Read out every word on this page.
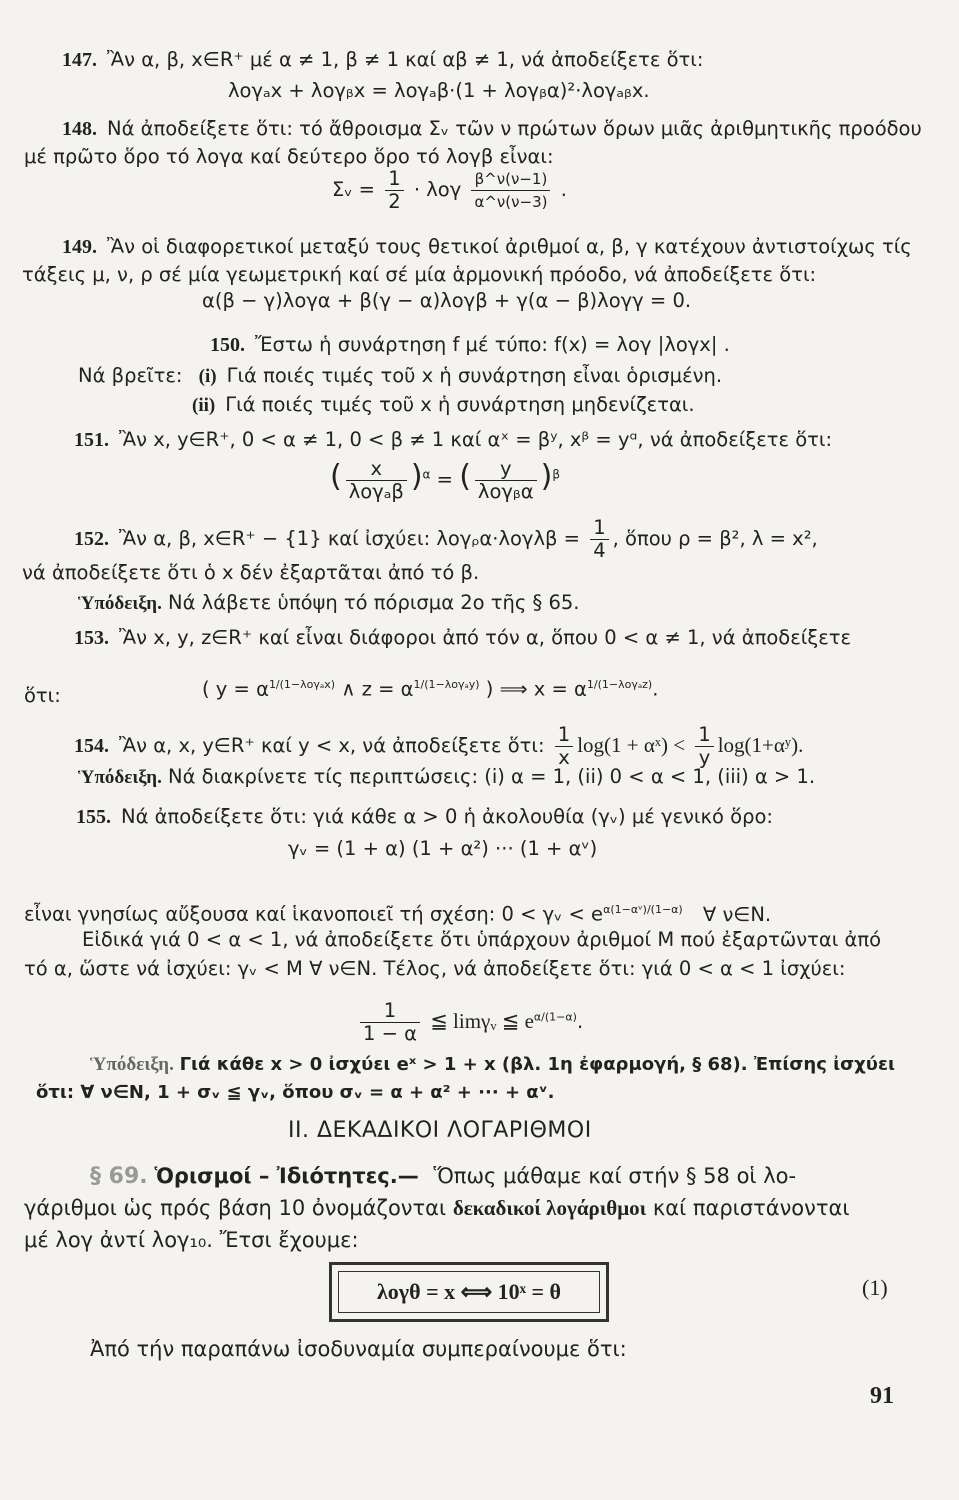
147. Ἂν α, β, x∈R⁺ μέ α ≠ 1, β ≠ 1 καί αβ ≠ 1, νά ἀποδείξετε ὅτι:
λογₐx + λογᵦx = λογₐβ·(1 + λογᵦα)²·λογₐᵦx.
148. Νά ἀποδείξετε ὅτι: τό ἄθροισμα Σᵥ τῶν ν πρώτων ὅρων μιᾶς ἀριθμητικῆς προόδου
μέ πρῶτο ὅρο τό λογα καί δεύτερο ὅρο τό λογβ εἶναι:
Σᵥ = $\frac{1}{2} \cdot \lambda o\gamma \frac{\beta\^{}\nu(\nu-1)}{\alpha\^{}\nu(\nu-3)}$ .
149. Ἂν οἱ διαφορετικοί μεταξύ τους θετικοί ἀριθμοί α, β, γ κατέχουν ἀντιστοίχως τίς
τάξεις μ, ν, ρ σέ μία γεωμετρική καί σέ μία ἁρμονική πρόοδο, νά ἀποδείξετε ὅτι:
α(β − γ)λογα + β(γ − α)λογβ + γ(α − β)λογγ = 0.
150. Ἔστω ἡ συνάρτηση f μέ τύπο: f(x) = λογ |λογx| .
Νά βρεῖτε: (i) Γιά ποιές τιμές τοῦ x ἡ συνάρτηση εἶναι ὁρισμένη.
(ii) Γιά ποιές τιμές τοῦ x ἡ συνάρτηση μηδενίζεται.
151. Ἂν x, y∈R⁺, 0 < α ≠ 1, 0 < β ≠ 1 καί αˣ = βʸ, xᵝ = yᵅ, νά ἀποδείξετε ὅτι:
( $\frac{x}{\text{λογₐβ}} )^\alpha$ = ( $\frac{y}{\text{λογᵦα}} )^\beta$
152. Ἂν α, β, x∈R⁺ − {1} καί ἰσχύει: λογᵨα·λογλβ = $\frac{1}{4}$ , ὅπου ρ = β², λ = x²,
νά ἀποδείξετε ὅτι ὁ x δέν ἐξαρτᾶται ἀπό τό β.
Ὑπόδειξη. Νά λάβετε ὑπόψη τό πόρισμα 2ο τῆς § 65.
153. Ἂν x, y, z∈R⁺ καί εἶναι διάφοροι ἀπό τόν α, ὅπου 0 < α ≠ 1, νά ἀποδείξετε
ὅτι:	( $y = \alpha^{1/(1-\lambda o\gamma_ax)}$ ∧ $z = \alpha^{1/(1-\lambda o\gamma_ay)}$ ) ⟹ $x = \alpha^{1/(1-\lambda o\gamma_az)}$.
154. Ἂν α, x, y∈R⁺ καί y < x, νά ἀποδείξετε ὅτι: $\frac{1}{x} \log(1$ + αˣ) < $\frac{1}{y}$ log(1+αʸ).
Ὑπόδειξη. Νά διακρίνετε τίς περιπτώσεις: (i) α = 1, (ii) 0 < α < 1, (iii) α > 1.
155. Νά ἀποδείξετε ὅτι: γιά κάθε α > 0 ἡ ἀκολουθία (γᵥ) μέ γενικό ὅρο:
γᵥ = (1 + α) (1 + α²) ··· (1 + αᵛ)
εἶναι γνησίως αὔξουσα καί ἱκανοποιεῖ τή σχέση: 0 < γᵥ < $e^{\alpha(1-\alpha ᵛ)/(1-\alpha)}$ ∀ ν∈N.
Εἰδικά γιά 0 < α < 1, νά ἀποδείξετε ὅτι ὑπάρχουν ἀριθμοί Μ πού ἐξαρτῶνται ἀπό
τό α, ὥστε νά ἰσχύει: γᵥ < M ∀ ν∈N. Τέλος, νά ἀποδείξετε ὅτι: γιά 0 < α < 1 ἰσχύει:
$\frac{1}{1 - \alpha}$ ≦ limγᵥ ≦ $e^{\alpha/(1-\alpha)}$.
Ὑπόδειξη. Γιά κάθε x > 0 ἰσχύει eˣ > 1 + x (βλ. 1η ἐφαρμογή, § 68). Ἐπίσης ἰσχύει
ὅτι: ∀ ν∈N, 1 + σᵥ ≦ γᵥ, ὅπου σᵥ = α + α² + ··· + αᵛ.
II. ΔΕΚΑΔΙΚΟΙ ΛΟΓΑΡΙΘΜΟΙ
§ 69. Ὁρισμοί – Ἰδιότητες.— Ὅπως μάθαμε καί στήν § 58 οἱ λο-
γάριθμοι ὡς πρός βάση 10 ὀνομάζονται δεκαδικοί λογάριθμοι καί παριστάνονται
μέ λογ ἀντί λογ₁₀. Ἔτσι ἔχουμε:
λογθ = x ⟺ 10ˣ = θ	(1)
Ἀπό τήν παραπάνω ἰσοδυναμία συμπεραίνουμε ὅτι:
91
